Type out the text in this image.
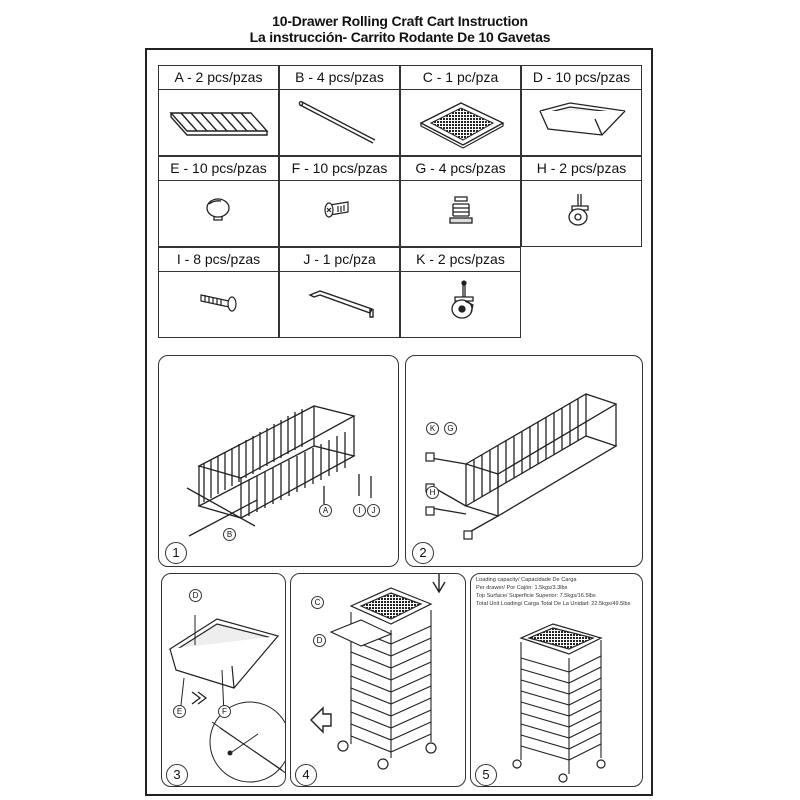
10-Drawer Rolling Craft Cart Instruction
La instrucción- Carrito Rodante De 10 Gavetas
A - 2 pcs/pzas	B - 4 pcs/pzas	C - 1 pc/pza	D - 10 pcs/pzas
E - 10 pcs/pzas	F - 10 pcs/pzas	G - 4 pcs/pzas	H - 2 pcs/pzas
I - 8 pcs/pzas	J - 1 pc/pza	K - 2 pcs/pzas
B
A	I	J
1
K	G
H
2
D
E	F
3
C
D
4	5
Loading capacity/ Capacidade De Carga
Per drawer/ Por Cajón: 1.5kgs/3.3lbs
Top Surface/ Superficie Superior: 7.5kgs/16.5lbs
Total Unit Loading/ Carga Total De La Unidad: 22.5kgs/49.5lbs
